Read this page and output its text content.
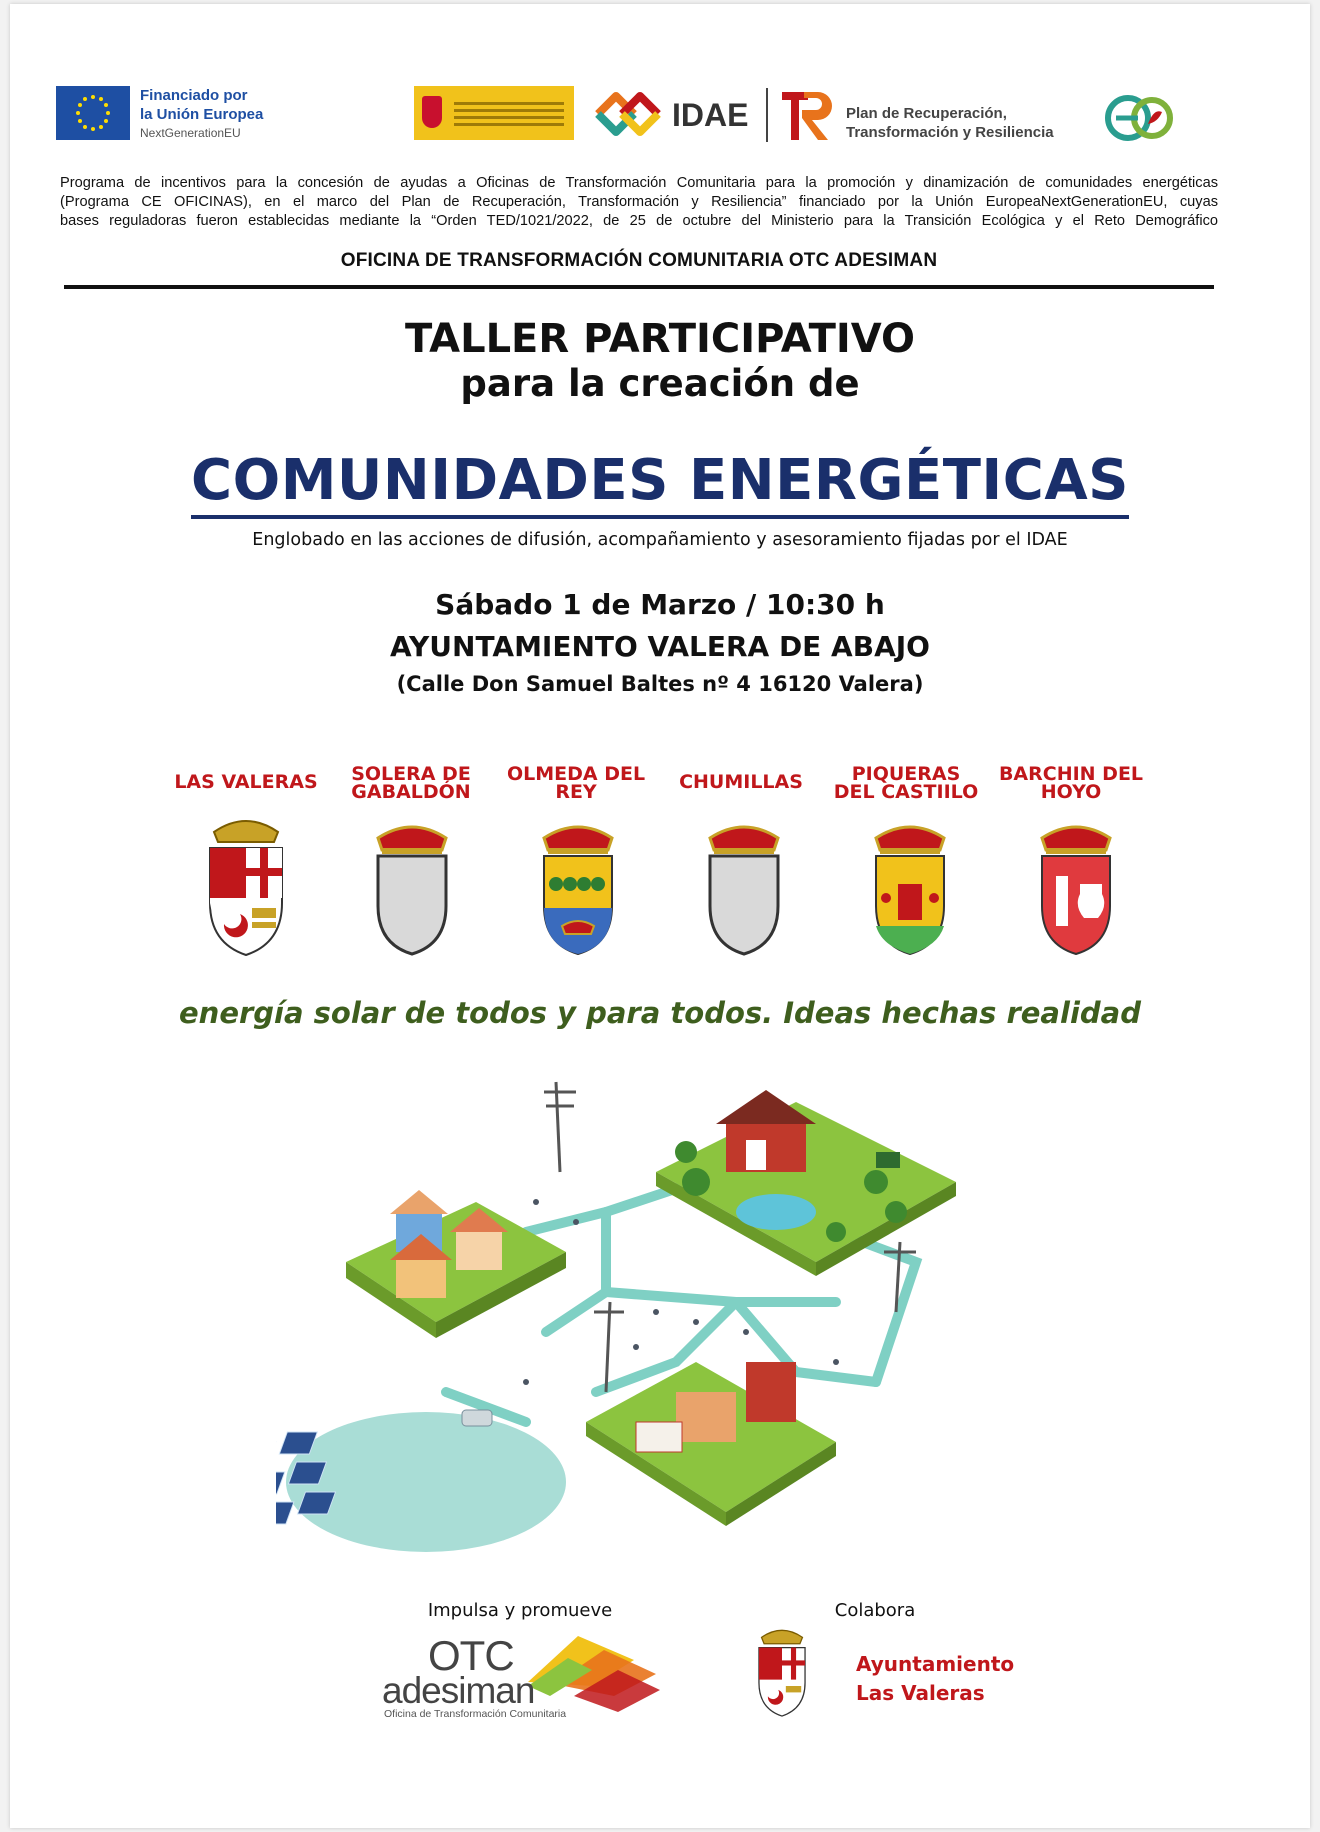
Financiado por
la Unión Europea
NextGenerationEU	IDAE	Plan de Recuperación,
Transformación y Resiliencia
Programa de incentivos para la concesión de ayudas a Oficinas de Transformación Comunitaria para la promoción y dinamización de comunidades energéticas
(Programa CE OFICINAS), en el marco del Plan de Recuperación, Transformación y Resiliencia” financiado por la Unión EuropeaNextGenerationEU, cuyas
bases reguladoras fueron establecidas mediante la “Orden TED/1021/2022, de 25 de octubre del Ministerio para la Transición Ecológica y el Reto Demográfico
OFICINA DE TRANSFORMACIÓN COMUNITARIA OTC ADESIMAN
TALLER PARTICIPATIVO
para la creación de
COMUNIDADES ENERGÉTICAS
Englobado en las acciones de difusión, acompañamiento y asesoramiento fijadas por el IDAE
Sábado 1 de Marzo / 10:30 h
AYUNTAMIENTO VALERA DE ABAJO
(Calle Don Samuel Baltes nº 4 16120 Valera)
LAS VALERAS	SOLERA DE
GABALDÓN
OLMEDA DEL
REY	CHUMILLAS	PIQUERAS
DEL CASTIILO
BARCHIN DEL
HOYO
energía solar de todos y para todos. Ideas hechas realidad
Impulsa y promueve	Colabora
OTC
adesiman
Oficina de Transformación Comunitaria
Ayuntamiento
Las Valeras
